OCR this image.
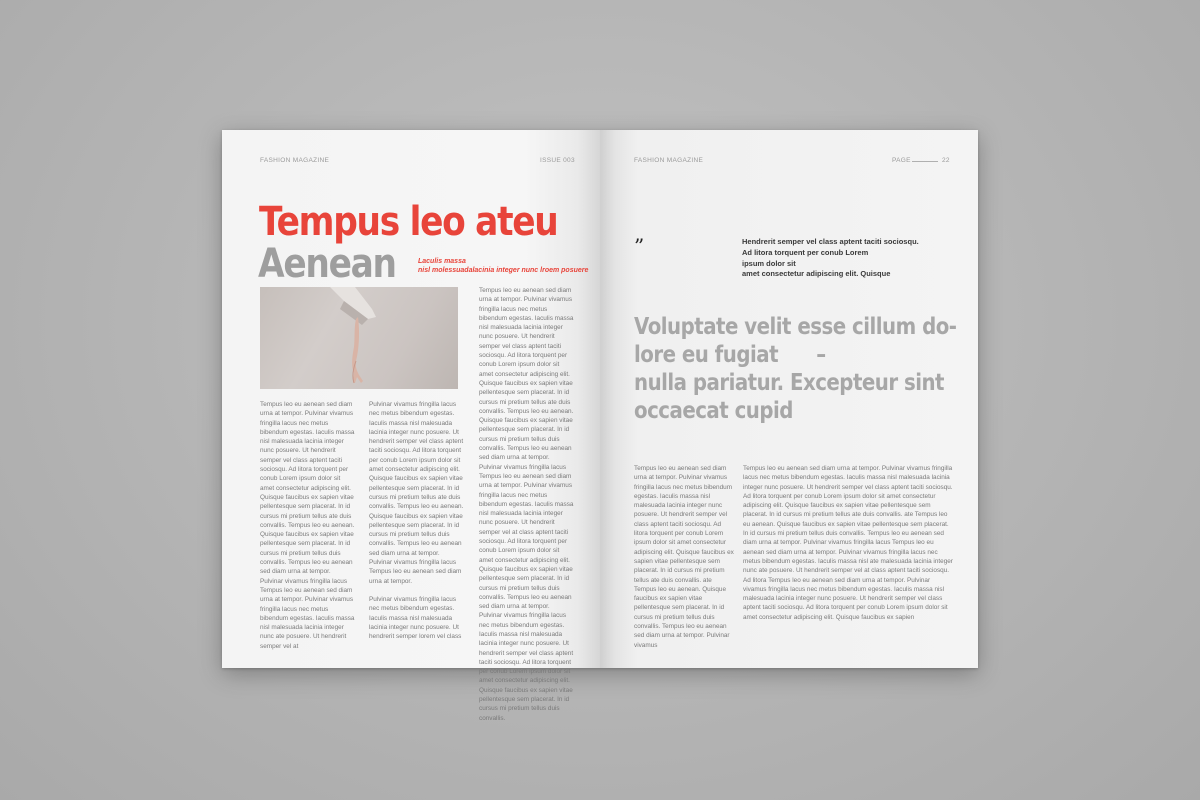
FASHION MAGAZINE	ISSUE 003
Tempus leo ateu
Aenean	Laculis massa
nisl molessuadalacinia integer nunc lroem posuere

Tempus leo eu aenean sed diam urna at tempor. Pulvinar vivamus fringilla lacus nec metus bibendum egestas. Iaculis massa nisl malesuada lacinia integer nunc posuere. Ut hendrerit semper vel class aptent taciti sociosqu. Ad litora torquent per conub Lorem ipsum dolor sit amet consectetur adipiscing elit. Quisque faucibus ex sapien vitae pellentesque sem placerat. In id cursus mi pretium tellus ate duis convallis. Tempus leo eu aenean. Quisque faucibus ex sapien vitae pellentesque sem placerat. In id cursus mi pretium tellus duis convallis. Tempus leo eu aenean sed diam urna at tempor. Pulvinar vivamus fringilla lacus Tempus leo eu aenean sed diam urna at tempor. Pulvinar vivamus fringilla lacus nec metus bibendum egestas. Iaculis massa nisl malesuada lacinia integer nunc ate posuere. Ut hendrerit semper vel at

Pulvinar vivamus fringilla lacus nec metus bibendum egestas. Iaculis massa nisl malesuada lacinia integer nunc posuere. Ut hendrerit semper vel class aptent taciti sociosqu. Ad litora torquent per conub Lorem ipsum dolor sit amet consectetur adipiscing elit. Quisque faucibus ex sapien vitae pellentesque sem placerat. In id cursus mi pretium tellus ate duis convallis. Tempus leo eu aenean. Quisque faucibus ex sapien vitae pellentesque sem placerat. In id cursus mi pretium tellus duis convallis. Tempus leo eu aenean sed diam urna at tempor. Pulvinar vivamus fringilla lacus Tempus leo eu aenean sed diam urna at tempor.

Pulvinar vivamus fringilla lacus nec metus bibendum egestas. Iaculis massa nisl malesuada lacinia integer nunc posuere. Ut hendrerit semper lorem vel class

Tempus leo eu aenean sed diam urna at tempor. Pulvinar vivamus fringilla lacus nec metus bibendum egestas. Iaculis massa nisl malesuada lacinia integer nunc posuere. Ut hendrerit semper vel class aptent taciti sociosqu. Ad litora torquent per conub Lorem ipsum dolor sit amet consectetur adipiscing elit. Quisque faucibus ex sapien vitae pellentesque sem placerat. In id cursus mi pretium tellus ate duis convallis. Tempus leo eu aenean. Quisque faucibus ex sapien vitae pellentesque sem placerat. In id cursus mi pretium tellus duis convallis. Tempus leo eu aenean sed diam urna at tempor. Pulvinar vivamus fringilla lacus Tempus leo eu aenean sed diam urna at tempor. Pulvinar vivamus fringilla lacus nec metus bibendum egestas. Iaculis massa nisl malesuada lacinia integer nunc posuere. Ut hendrerit semper vel at class aptent taciti sociosqu. Ad litora torquent per conub Lorem ipsum dolor sit amet consectetur adipiscing elit. Quisque faucibus ex sapien vitae pellentesque sem placerat. In id cursus mi pretium tellus duis convallis. Tempus leo eu aenean sed diam urna at tempor. Pulvinar vivamus fringilla lacus nec metus bibendum egestas. Iaculis massa nisl malesuada lacinia integer nunc posuere. Ut hendrerit semper vel class aptent taciti sociosqu. Ad litora torquent per conub Lorem ipsum dolor sit amet consectetur adipiscing elit. Quisque faucibus ex sapien vitae pellentesque sem placerat. In id cursus mi pretium tellus duis convallis.

FASHION MAGAZINE	PAGE	22
”	Hendrerit semper vel class aptent taciti sociosqu.
Ad litora torquent per conub Lorem
ipsum dolor sit
amet consectetur adipiscing elit. Quisque
Voluptate velit esse cillum do-
lore eu fugiat      –
nulla pariatur. Excepteur sint
occaecat cupid

Tempus leo eu aenean sed diam urna at tempor. Pulvinar vivamus fringilla lacus nec metus bibendum egestas. Iaculis massa nisl malesuada lacinia integer nunc posuere. Ut hendrerit semper vel class aptent taciti sociosqu. Ad litora torquent per conub Lorem ipsum dolor sit amet consectetur adipiscing elit. Quisque faucibus ex sapien vitae pellentesque sem placerat. In id cursus mi pretium tellus ate duis convallis. ate Tempus leo eu aenean. Quisque faucibus ex sapien vitae pellentesque sem placerat. In id cursus mi pretium tellus duis convallis. Tempus leo eu aenean sed diam urna at tempor. Pulvinar vivamus

Tempus leo eu aenean sed diam urna at tempor. Pulvinar vivamus fringilla lacus nec metus bibendum egestas. Iaculis massa nisl malesuada lacinia integer nunc posuere. Ut hendrerit semper vel class aptent taciti sociosqu. Ad litora torquent per conub Lorem ipsum dolor sit amet consectetur adipiscing elit. Quisque faucibus ex sapien vitae pellentesque sem placerat. In id cursus mi pretium tellus ate duis convallis. ate Tempus leo eu aenean. Quisque faucibus ex sapien vitae pellentesque sem placerat. In id cursus mi pretium tellus duis convallis. Tempus leo eu aenean sed diam urna at tempor. Pulvinar vivamus fringilla lacus Tempus leo eu aenean sed diam urna at tempor. Pulvinar vivamus fringilla lacus nec metus bibendum egestas. Iaculis massa nisl ate malesuada lacinia integer nunc ate posuere. Ut hendrerit semper vel at class aptent taciti sociosqu. Ad litora Tempus leo eu aenean sed diam urna at tempor. Pulvinar vivamus fringilla lacus nec metus bibendum egestas. Iaculis massa nisl malesuada lacinia integer nunc posuere. Ut hendrerit semper vel class aptent taciti sociosqu. Ad litora torquent per conub Lorem ipsum dolor sit amet consectetur adipiscing elit. Quisque faucibus ex sapien
